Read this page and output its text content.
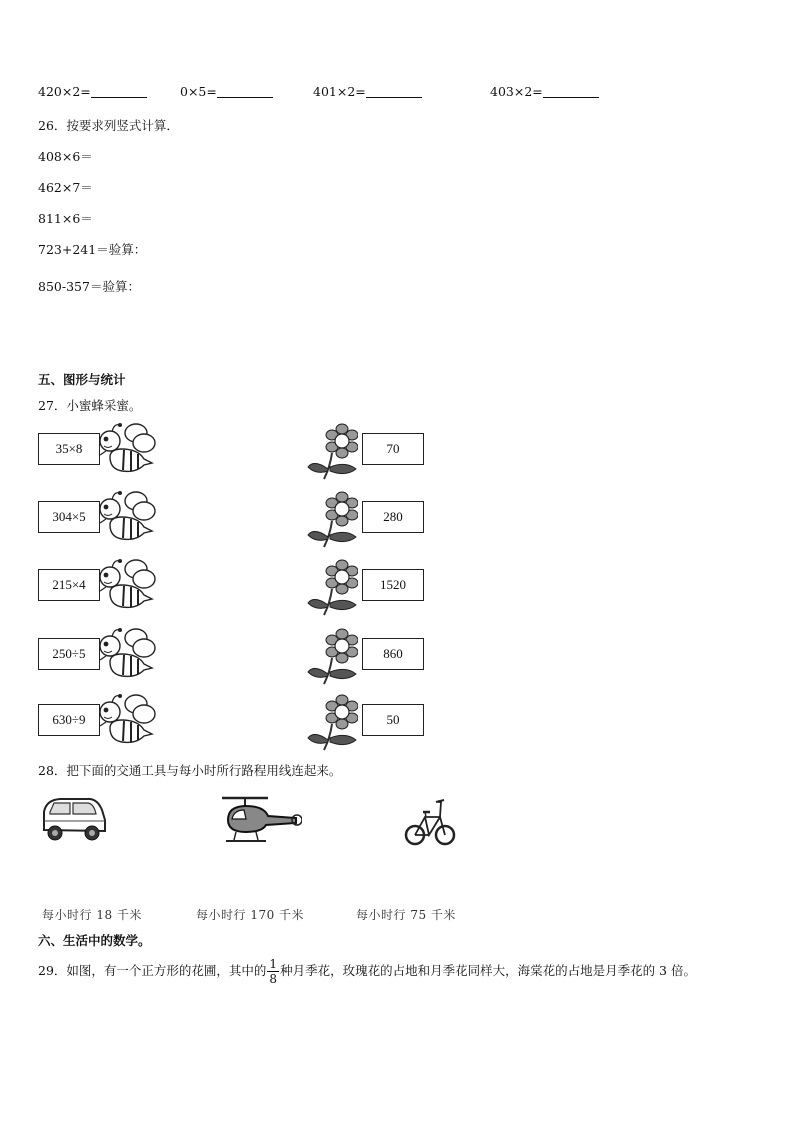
420×2=	0×5=	401×2=	403×2=
26．按要求列竖式计算．
408×6＝
462×7＝
811×6＝
723+241＝验算：
850-357＝验算：
五、图形与统计
27．小蜜蜂采蜜。
35×8	70
304×5	280
215×4	1520
250÷5	860
630÷9	50
28．把下面的交通工具与每小时所行路程用线连起来。
每小时行 18 千米	每小时行 170 千米	每小时行 75 千米
六、生活中的数学。
29．如图，有一个正方形的花圃，其中的 $\frac{1}{8}$ 种月季花，玫瑰花的占地和月季花同样大，海棠花的占地是月季花的 3 倍。
